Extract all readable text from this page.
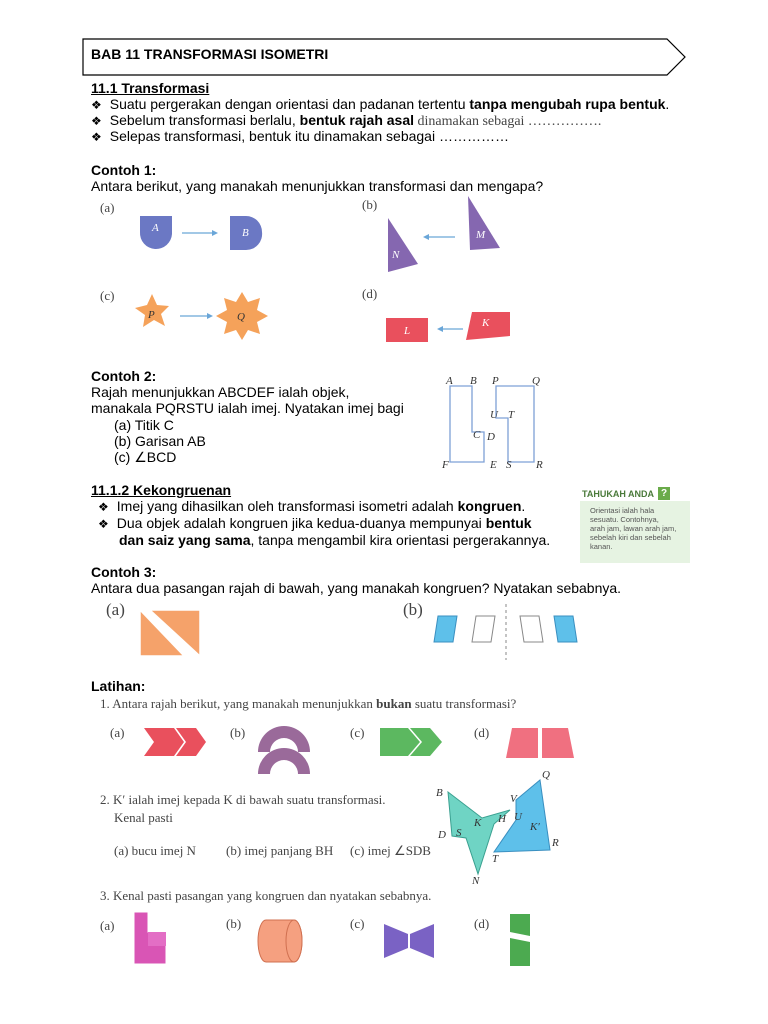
BAB 11 TRANSFORMASI ISOMETRI
11.1 Transformasi
❖ Suatu pergerakan dengan orientasi dan padanan tertentu tanpa mengubah rupa bentuk.
❖ Sebelum transformasi berlalu, bentuk rajah asal dinamakan sebagai …………….
❖ Selepas transformasi, bentuk itu dinamakan sebagai ……………
Contoh 1:
Antara berikut, yang manakah menunjukkan transformasi dan mengapa?
(a)	(b)
(c)	(d)
A	B	M
N
P	Q	K
L
Contoh 2:
Rajah menunjukkan ABCDEF ialah objek,
manakala PQRSTU ialah imej. Nyatakan imej bagi
(a) Titik C
(b) Garisan AB
(c) ∠BCD
A B P	Q
U T
C D
F	E S R
11.1.2 Kekongruenan
❖ Imej yang dihasilkan oleh transformasi isometri adalah kongruen.
❖ Dua objek adalah kongruen jika kedua-duanya mempunyai bentuk
dan saiz yang sama, tanpa mengambil kira orientasi pergerakannya.
TAHUKAH ANDA ?
Orientasi ialah hala
sesuatu. Contohnya,
arah jam, lawan arah jam,
sebelah kiri dan sebelah
kanan.
Contoh 3:
Antara dua pasangan rajah di bawah, yang manakah kongruen? Nyatakan sebabnya.
(a)	(b)
Latihan:
1. Antara rajah berikut, yang manakah menunjukkan bukan suatu transformasi?
(a)	(b)	(c)	(d)
2. K′ ialah imej kepada K di bawah suatu transformasi.
Kenal pasti
(a) bucu imej N (b) imej panjang BH (c) imej ∠SDB
Q
B	V
H U
K	K′
D S
R
T
N
3. Kenal pasti pasangan yang kongruen dan nyatakan sebabnya.
(a)	(b)	(c)	(d)
